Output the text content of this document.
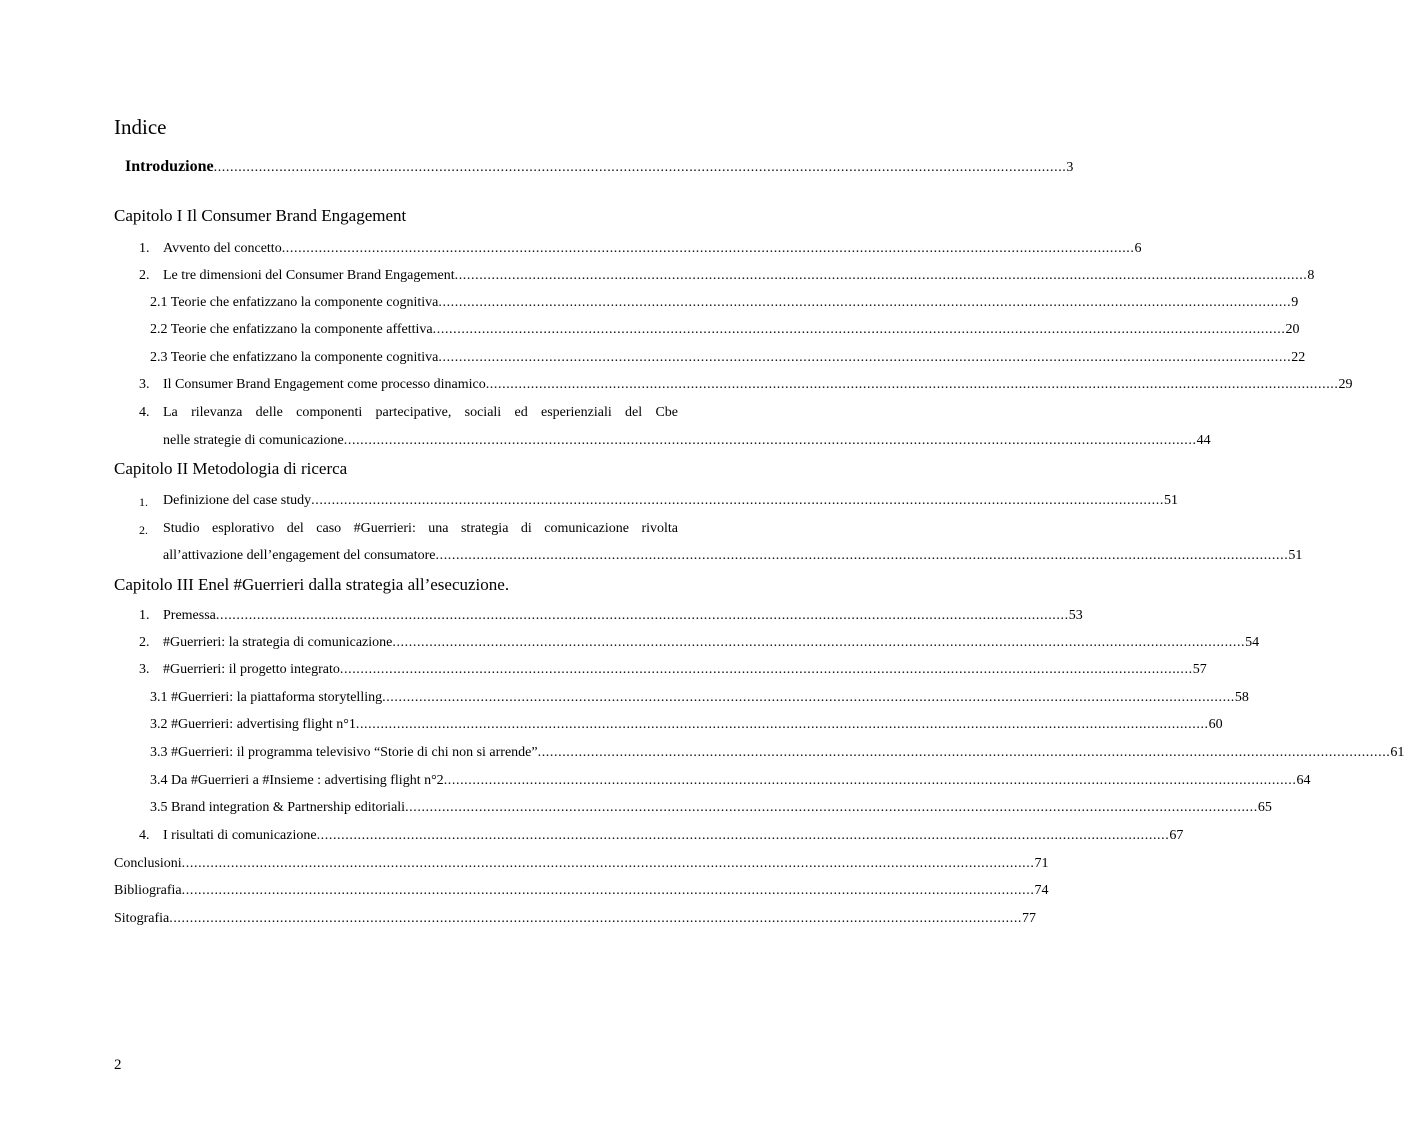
Indice
Introduzione ................................................................................................................................................................................................................ 3
Capitolo I Il Consumer Brand Engagement
1. Avvento del concetto ................................................................................................................................................................................................................ 6
2. Le tre dimensioni del Consumer Brand Engagement ................................................................................................................................................................................................................ 8
2.1 Teorie che enfatizzano la componente cognitiva ................................................................................................................................................................................................................ 9
2.2 Teorie che enfatizzano la componente affettiva ................................................................................................................................................................................................................ 20
2.3 Teorie che enfatizzano la componente cognitiva ................................................................................................................................................................................................................ 22
3. Il Consumer Brand Engagement come processo dinamico ................................................................................................................................................................................................................ 29
4. La rilevanza delle componenti partecipative, sociali ed esperienziali del Cbe
nelle strategie di comunicazione ................................................................................................................................................................................................................ 44
Capitolo II Metodologia di ricerca
1. Definizione del case study ................................................................................................................................................................................................................ 51
2. Studio esplorativo del caso #Guerrieri: una strategia di comunicazione rivolta
all’attivazione dell’engagement del consumatore ................................................................................................................................................................................................................ 51
Capitolo III Enel #Guerrieri dalla strategia all’esecuzione.
1. Premessa ................................................................................................................................................................................................................ 53
2. #Guerrieri: la strategia di comunicazione ................................................................................................................................................................................................................ 54
3. #Guerrieri: il progetto integrato ................................................................................................................................................................................................................ 57
3.1 #Guerrieri: la piattaforma storytelling ................................................................................................................................................................................................................ 58
3.2 #Guerrieri: advertising flight n°1 ................................................................................................................................................................................................................ 60
3.3 #Guerrieri: il programma televisivo “Storie di chi non si arrende” ................................................................................................................................................................................................................ 61
3.4 Da #Guerrieri a #Insieme : advertising flight n°2 ................................................................................................................................................................................................................ 64
3.5 Brand integration & Partnership editoriali ................................................................................................................................................................................................................ 65
4. I risultati di comunicazione ................................................................................................................................................................................................................ 67
Conclusioni ................................................................................................................................................................................................................ 71
Bibliografia ................................................................................................................................................................................................................ 74
Sitografia ................................................................................................................................................................................................................ 77
2
